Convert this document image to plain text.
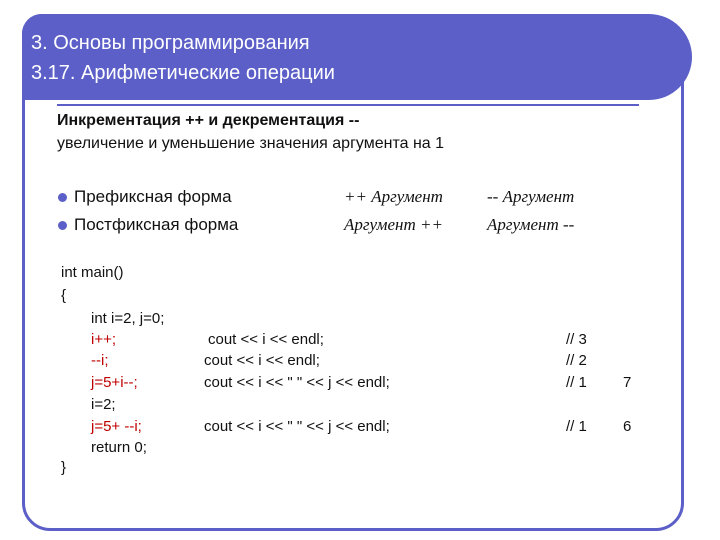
3. Основы программирования
3.17. Арифметические операции
Инкрементация ++ и декрементация --
увеличение и уменьшение значения аргумента на 1
Префиксная форма	++ Аргумент	-- Аргумент
Постфиксная форма	Аргумент ++	Аргумент --
int main()
{
int i=2, j=0;
i++;	cout << i << endl;	// 3
--i;	cout << i << endl;	// 2
j=5+i--;	cout << i << " " << j << endl;	// 1 7
i=2;
j=5+ --i;	cout << i << " " << j << endl;	// 1 6
return 0;
}
